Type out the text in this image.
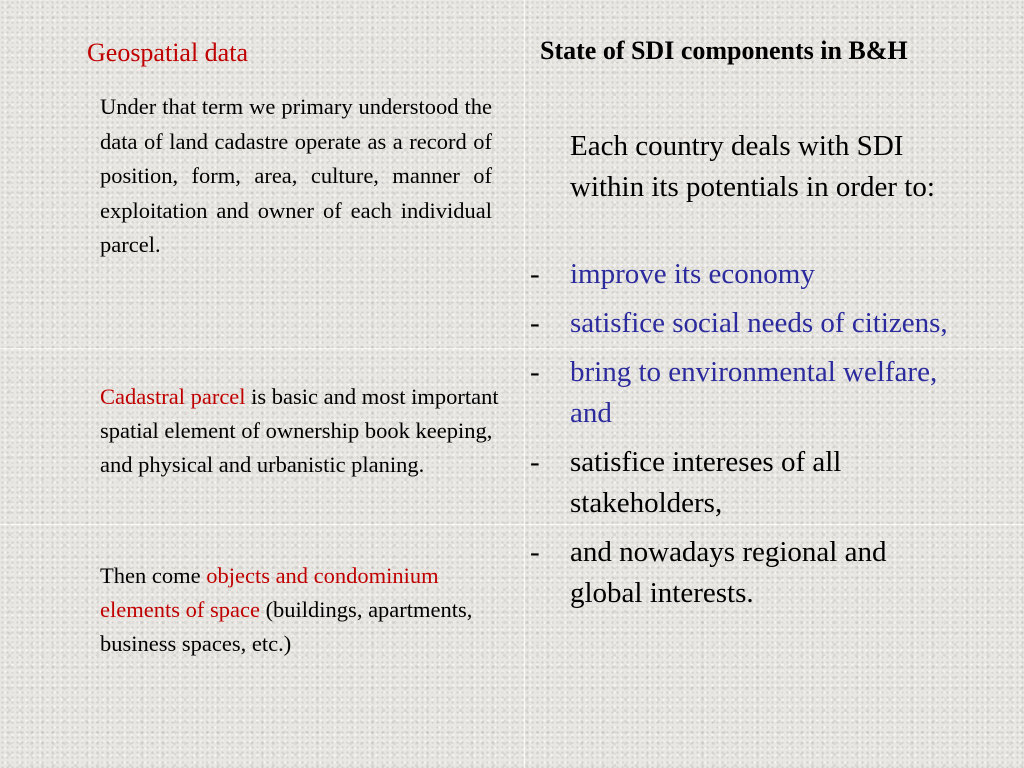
Geospatial data

Under that term we primary understood the data of land cadastre operate as a record of position, form, area, culture, manner of exploitation and owner of each individual parcel.

Cadastral parcel is basic and most important spatial element of ownership book keeping, and physical and urbanistic planing.

Then come objects and condominium elements of space (buildings, apartments, business spaces, etc.)

State of SDI components in B&H

Each country deals with SDI within its potentials in order to:

- improve its economy
- satisfice social needs of citizens,
- bring to environmental welfare, and
- satisfice intereses of all stakeholders,
- and nowadays regional and global interests.
